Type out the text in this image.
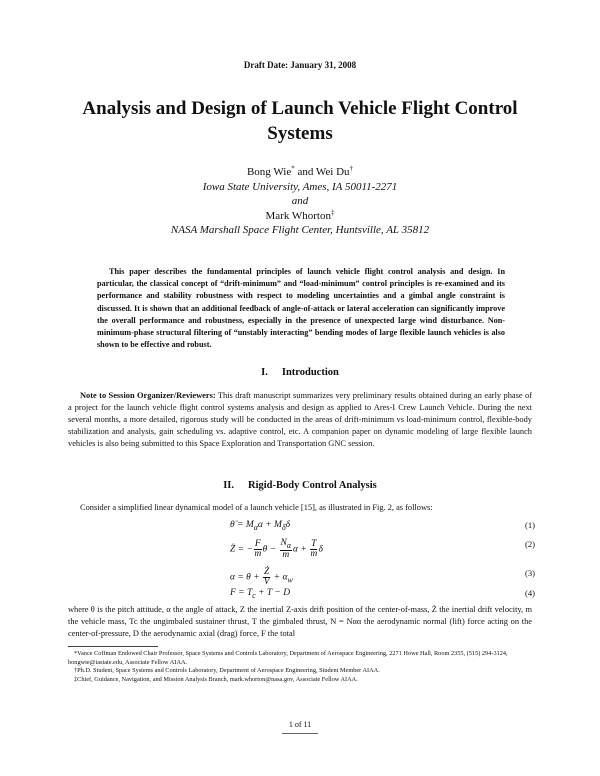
Draft Date: January 31, 2008
Analysis and Design of Launch Vehicle Flight Control Systems
Bong Wie* and Wei Du†
Iowa State University, Ames, IA 50011-2271
and
Mark Whorton‡
NASA Marshall Space Flight Center, Huntsville, AL 35812
This paper describes the fundamental principles of launch vehicle flight control analysis and design. In particular, the classical concept of “drift-minimum” and “load-minimum” control principles is re-examined and its performance and stability robustness with respect to modeling uncertainties and a gimbal angle constraint is discussed. It is shown that an additional feedback of angle-of-attack or lateral acceleration can significantly improve the overall performance and robustness, especially in the presence of unexpected large wind disturbance. Non-minimum-phase structural filtering of “unstably interacting” bending modes of large flexible launch vehicles is also shown to be effective and robust.
I. Introduction
Note to Session Organizer/Reviewers: This draft manuscript summarizes very preliminary results obtained during an early phase of a project for the launch vehicle flight control systems analysis and design as applied to Ares-I Crew Launch Vehicle. During the next several months, a more detailed, rigorous study will be conducted in the areas of drift-minimum vs load-minimum control, flexible-body stabilization and analysis, gain scheduling vs. adaptive control, etc. A companion paper on dynamic modeling of large flexible launch vehicles is also being submitted to this Space Exploration and Transportation GNC session.
II. Rigid-Body Control Analysis
Consider a simplified linear dynamical model of a launch vehicle [15], as illustrated in Fig. 2, as follows:
θ̈ = $M_\alpha\alpha + M_\delta\delta$	(1)
Z̈ = − $\frac{F}{m}$ $\theta - \frac{N_\alpha}{m}$ $\alpha + \frac{T}{m}$ δ
(2)
$\alpha = \theta + \frac{Ż}{V} + \alpha_w$
(3)
$F = T_c + T - D$	(4)
where θ is the pitch attitude, α the angle of attack, Z the inertial Z-axis drift position of the center-of-mass, Ż the inertial drift velocity, m the vehicle mass, Tc the ungimbaled sustainer thrust, T the gimbaled thrust, N = Nαα the aerodynamic normal (lift) force acting on the center-of-pressure, D the aerodynamic axial (drag) force, F the total
*Vance Coffman Endowed Chair Professor, Space Systems and Controls Laboratory, Department of Aerospace Engineering, 2271 Howe Hall, Room 2355, (515) 294-3124, bongwie@iastate.edu, Associate Fellow AIAA.
†Ph.D. Student, Space Systems and Controls Laboratory, Department of Aerospace Engineering, Student Member AIAA.
‡Chief, Guidance, Navigation, and Mission Analysis Branch, mark.whorton@nasa.gov, Associate Fellow AIAA.
1 of 11
